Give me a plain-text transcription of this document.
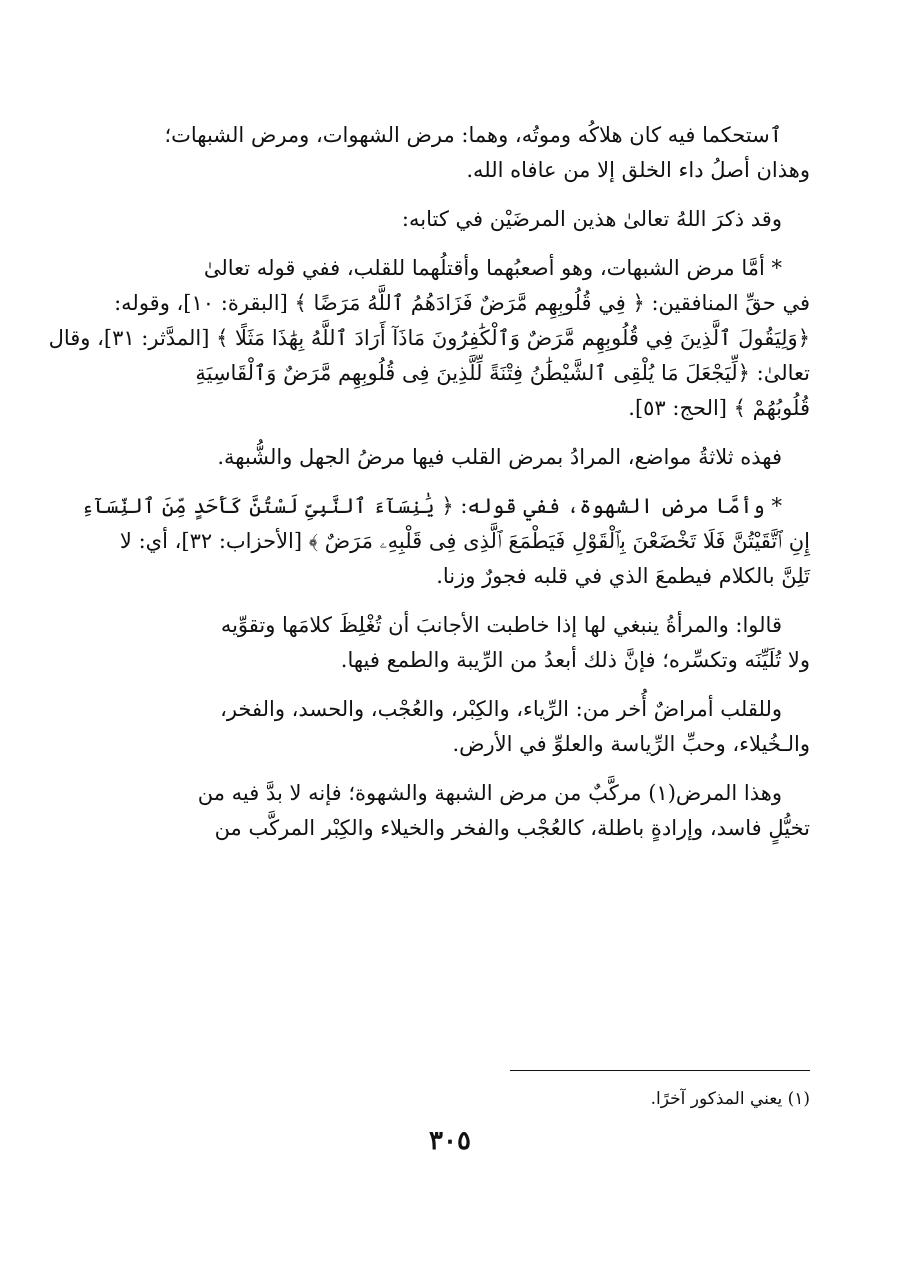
ٱستحكما فيه كان هلاكُه وموتُه، وهما: مرض الشهوات، ومرض الشبهات؛
وهذان أصلُ داء الخلق إلا من عافاه الله.
وقد ذكرَ اللهُ تعالىٰ هذين المرضَيْن في كتابه:
* أمَّا مرض الشبهات، وهو أصعبُهما وأقتلُهما للقلب، ففي قوله تعالىٰ
في حقِّ المنافقين: ﴿ فِي قُلُوبِهِم مَّرَضٌ فَزَادَهُمُ ٱللَّهُ مَرَضًا ﴾ [البقرة: ١٠]، وقوله:
﴿وَلِيَقُولَ ٱلَّذِينَ فِي قُلُوبِهِم مَّرَضٌ وَٱلْكَٰفِرُونَ مَاذَآ أَرَادَ ٱللَّهُ بِهَٰذَا مَثَلًا ﴾ [المدَّثر: ٣١]، وقال
تعالىٰ: ﴿لِّيَجْعَلَ مَا يُلْقِى ٱلشَّيْطَٰنُ فِتْنَةً لِّلَّذِينَ فِى قُلُوبِهِم مَّرَضٌ وَٱلْقَاسِيَةِ
قُلُوبُهُمْ ﴾ [الحج: ٥٣].
فهذه ثلاثةُ مواضع، المرادُ بمرض القلب فيها مرضُ الجهل والشُّبهة.
* وأمَّا مرض الشهوة، ففي قوله: ﴿ يَٰنِسَآءَ ٱلنَّبِىِّ لَسْتُنَّ كَأَحَدٍ مِّنَ ٱلنِّسَآءِ
إِنِ ٱتَّقَيْتُنَّ فَلَا تَخْضَعْنَ بِٱلْقَوْلِ فَيَطْمَعَ ٱلَّذِى فِى قَلْبِهِۦ مَرَضٌ ﴾ [الأحزاب: ٣٢]، أي: لا
تَلِنَّ بالكلام فيطمعَ الذي في قلبه فجورٌ وزنا.
قالوا: والمرأةُ ينبغي لها إذا خاطبت الأجانبَ أن تُغْلِظَ كلامَها وتقوِّيه
ولا تُلَيِّنَه وتكسِّره؛ فإنَّ ذلك أبعدُ من الرِّيبة والطمع فيها.
وللقلب أمراضٌ أُخر من: الرِّياء، والكِبْر، والعُجْب، والحسد، والفخر،
والـخُيلاء، وحبِّ الرِّياسة والعلوِّ في الأرض.
وهذا المرض(١) مركَّبٌ من مرض الشبهة والشهوة؛ فإنه لا بدَّ فيه من
تخيُّلٍ فاسد، وإرادةٍ باطلة، كالعُجْب والفخر والخيلاء والكِبْر المركَّب من
(١) يعني المذكور آخرًا.
٣٠٥
